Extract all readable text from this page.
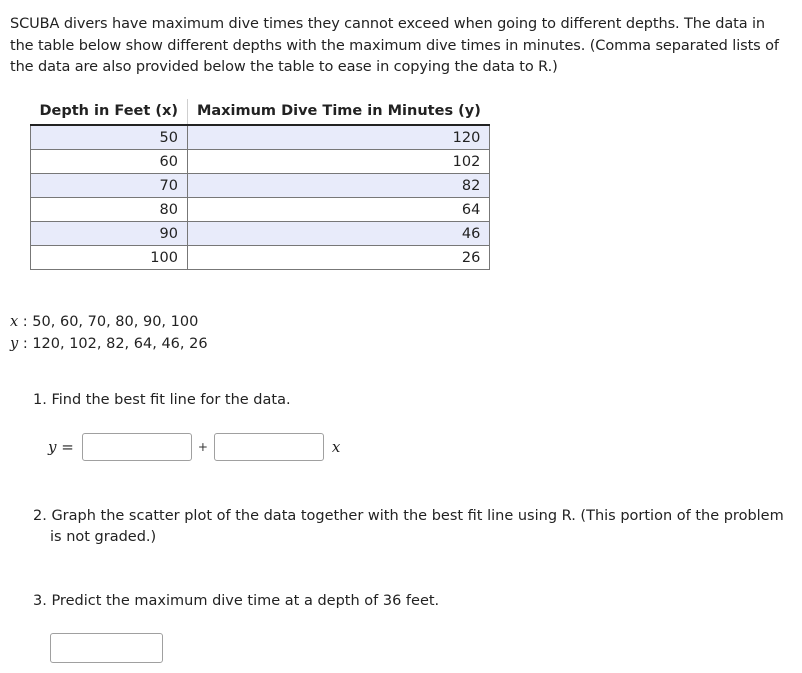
SCUBA divers have maximum dive times they cannot exceed when going to different depths. The data in the table below show different depths with the maximum dive times in minutes. (Comma separated lists of the data are also provided below the table to ease in copying the data to R.)
Depth in Feet (x)	Maximum Dive Time in Minutes (y)
50	120
60	102
70	82
80	64
90	46
100	26
x : 50, 60, 70, 80, 90, 100
y : 120, 102, 82, 64, 46, 26
1. Find the best fit line for the data.
y =	+	x
2. Graph the scatter plot of the data together with the best fit line using R. (This portion of the problem is not graded.)
3. Predict the maximum dive time at a depth of 36 feet.
